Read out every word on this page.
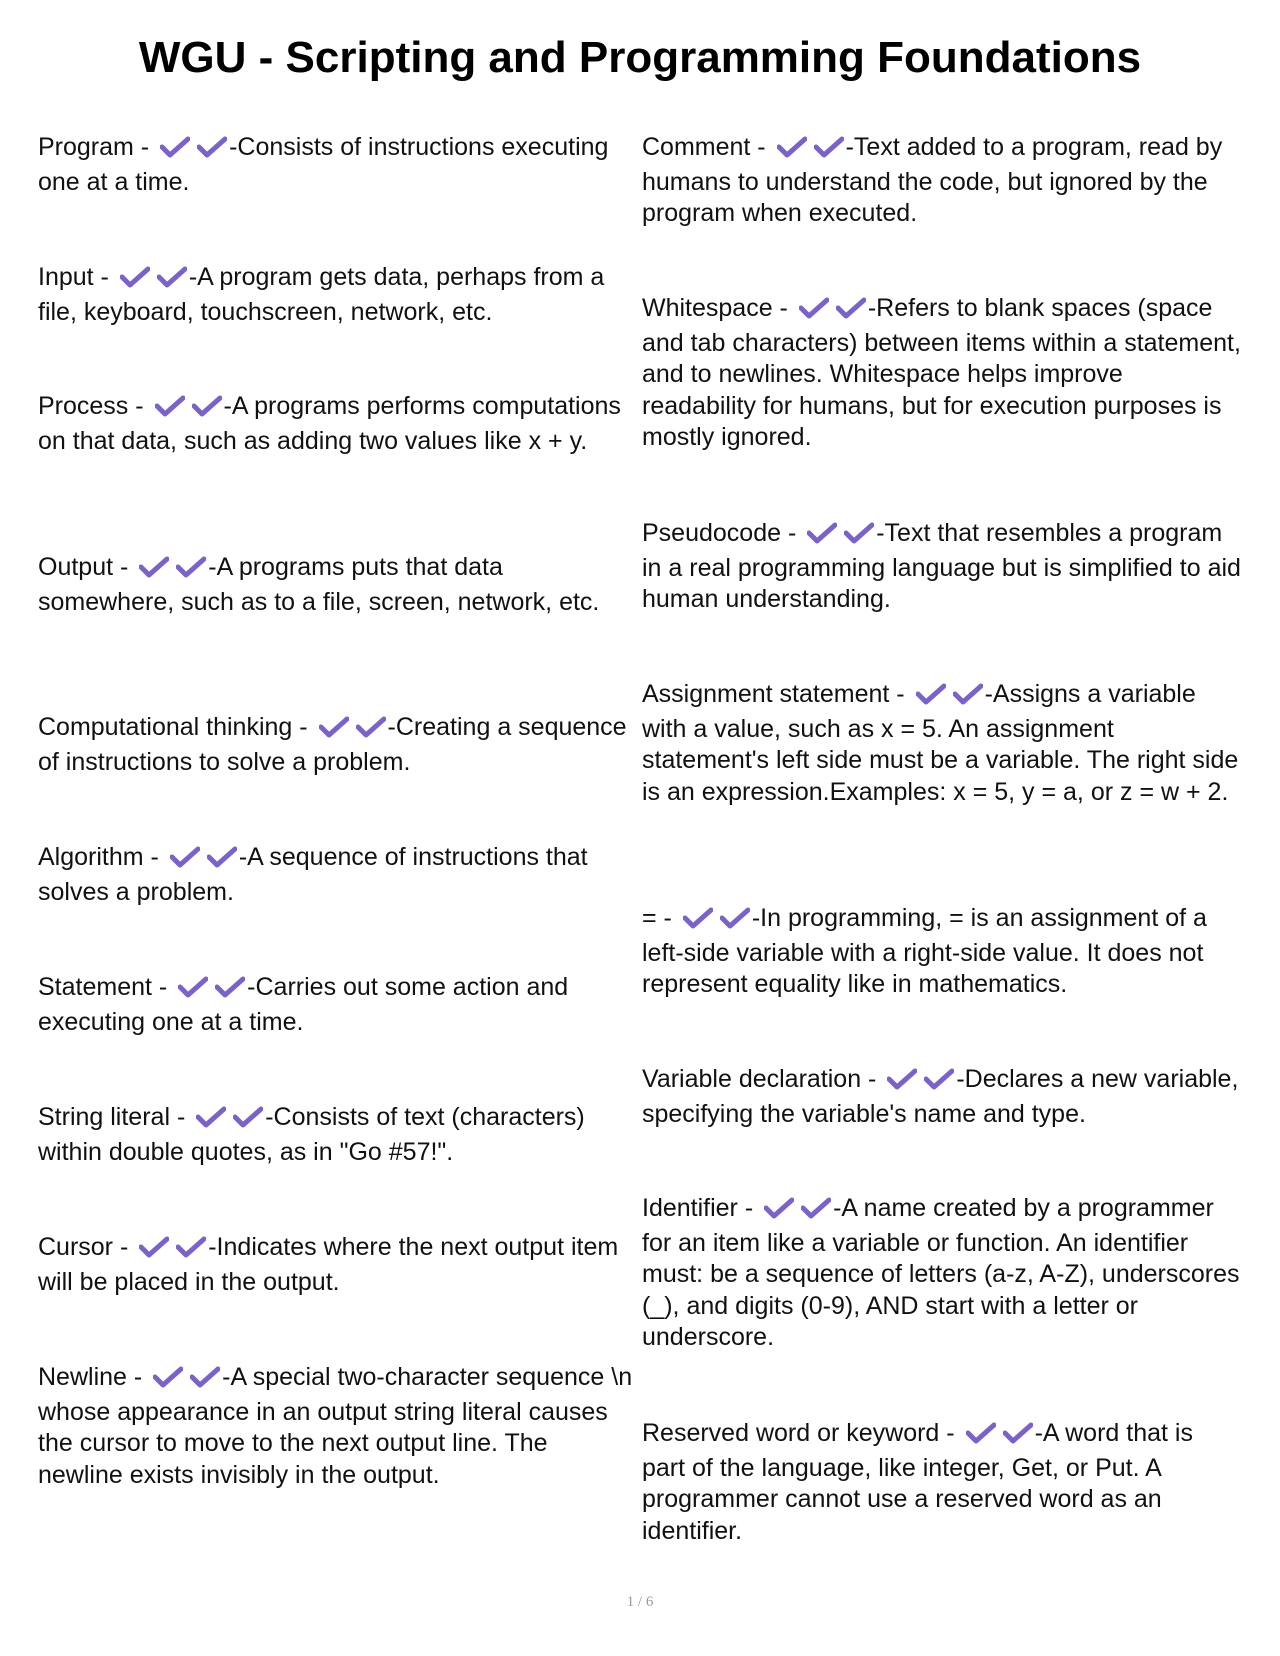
WGU - Scripting and Programming Foundations

Program -	-Consists of instructions executing one at a time.

Input -	-A program gets data, perhaps from a file, keyboard, touchscreen, network, etc.

Process -	-A programs performs computations on that data, such as adding two values like x + y.

Output -	-A programs puts that data somewhere, such as to a file, screen, network, etc.

Computational thinking -	-Creating a sequence of instructions to solve a problem.

Algorithm -	-A sequence of instructions that solves a problem.

Statement -	-Carries out some action and executing one at a time.

String literal -	-Consists of text (characters) within double quotes, as in "Go #57!".

Cursor -	-Indicates where the next output item will be placed in the output.

Newline -	-A special two-character sequence \n whose appearance in an output string literal causes the cursor to move to the next output line. The newline exists invisibly in the output.

Comment -	-Text added to a program, read by humans to understand the code, but ignored by the program when executed.

Whitespace -	-Refers to blank spaces (space and tab characters) between items within a statement, and to newlines. Whitespace helps improve readability for humans, but for execution purposes is mostly ignored.

Pseudocode -	-Text that resembles a program in a real programming language but is simplified to aid human understanding.

Assignment statement -	-Assigns a variable with a value, such as x = 5. An assignment statement's left side must be a variable. The right side is an expression.Examples: x = 5, y = a, or z = w + 2.

= -	-In programming, = is an assignment of a left-side variable with a right-side value. It does not represent equality like in mathematics.

Variable declaration -	-Declares a new variable, specifying the variable's name and type.

Identifier -	-A name created by a programmer for an item like a variable or function. An identifier must: be a sequence of letters (a-z, A-Z), underscores (_), and digits (0-9), AND start with a letter or underscore.

Reserved word or keyword -	-A word that is part of the language, like integer, Get, or Put. A programmer cannot use a reserved word as an identifier.

1 / 6
